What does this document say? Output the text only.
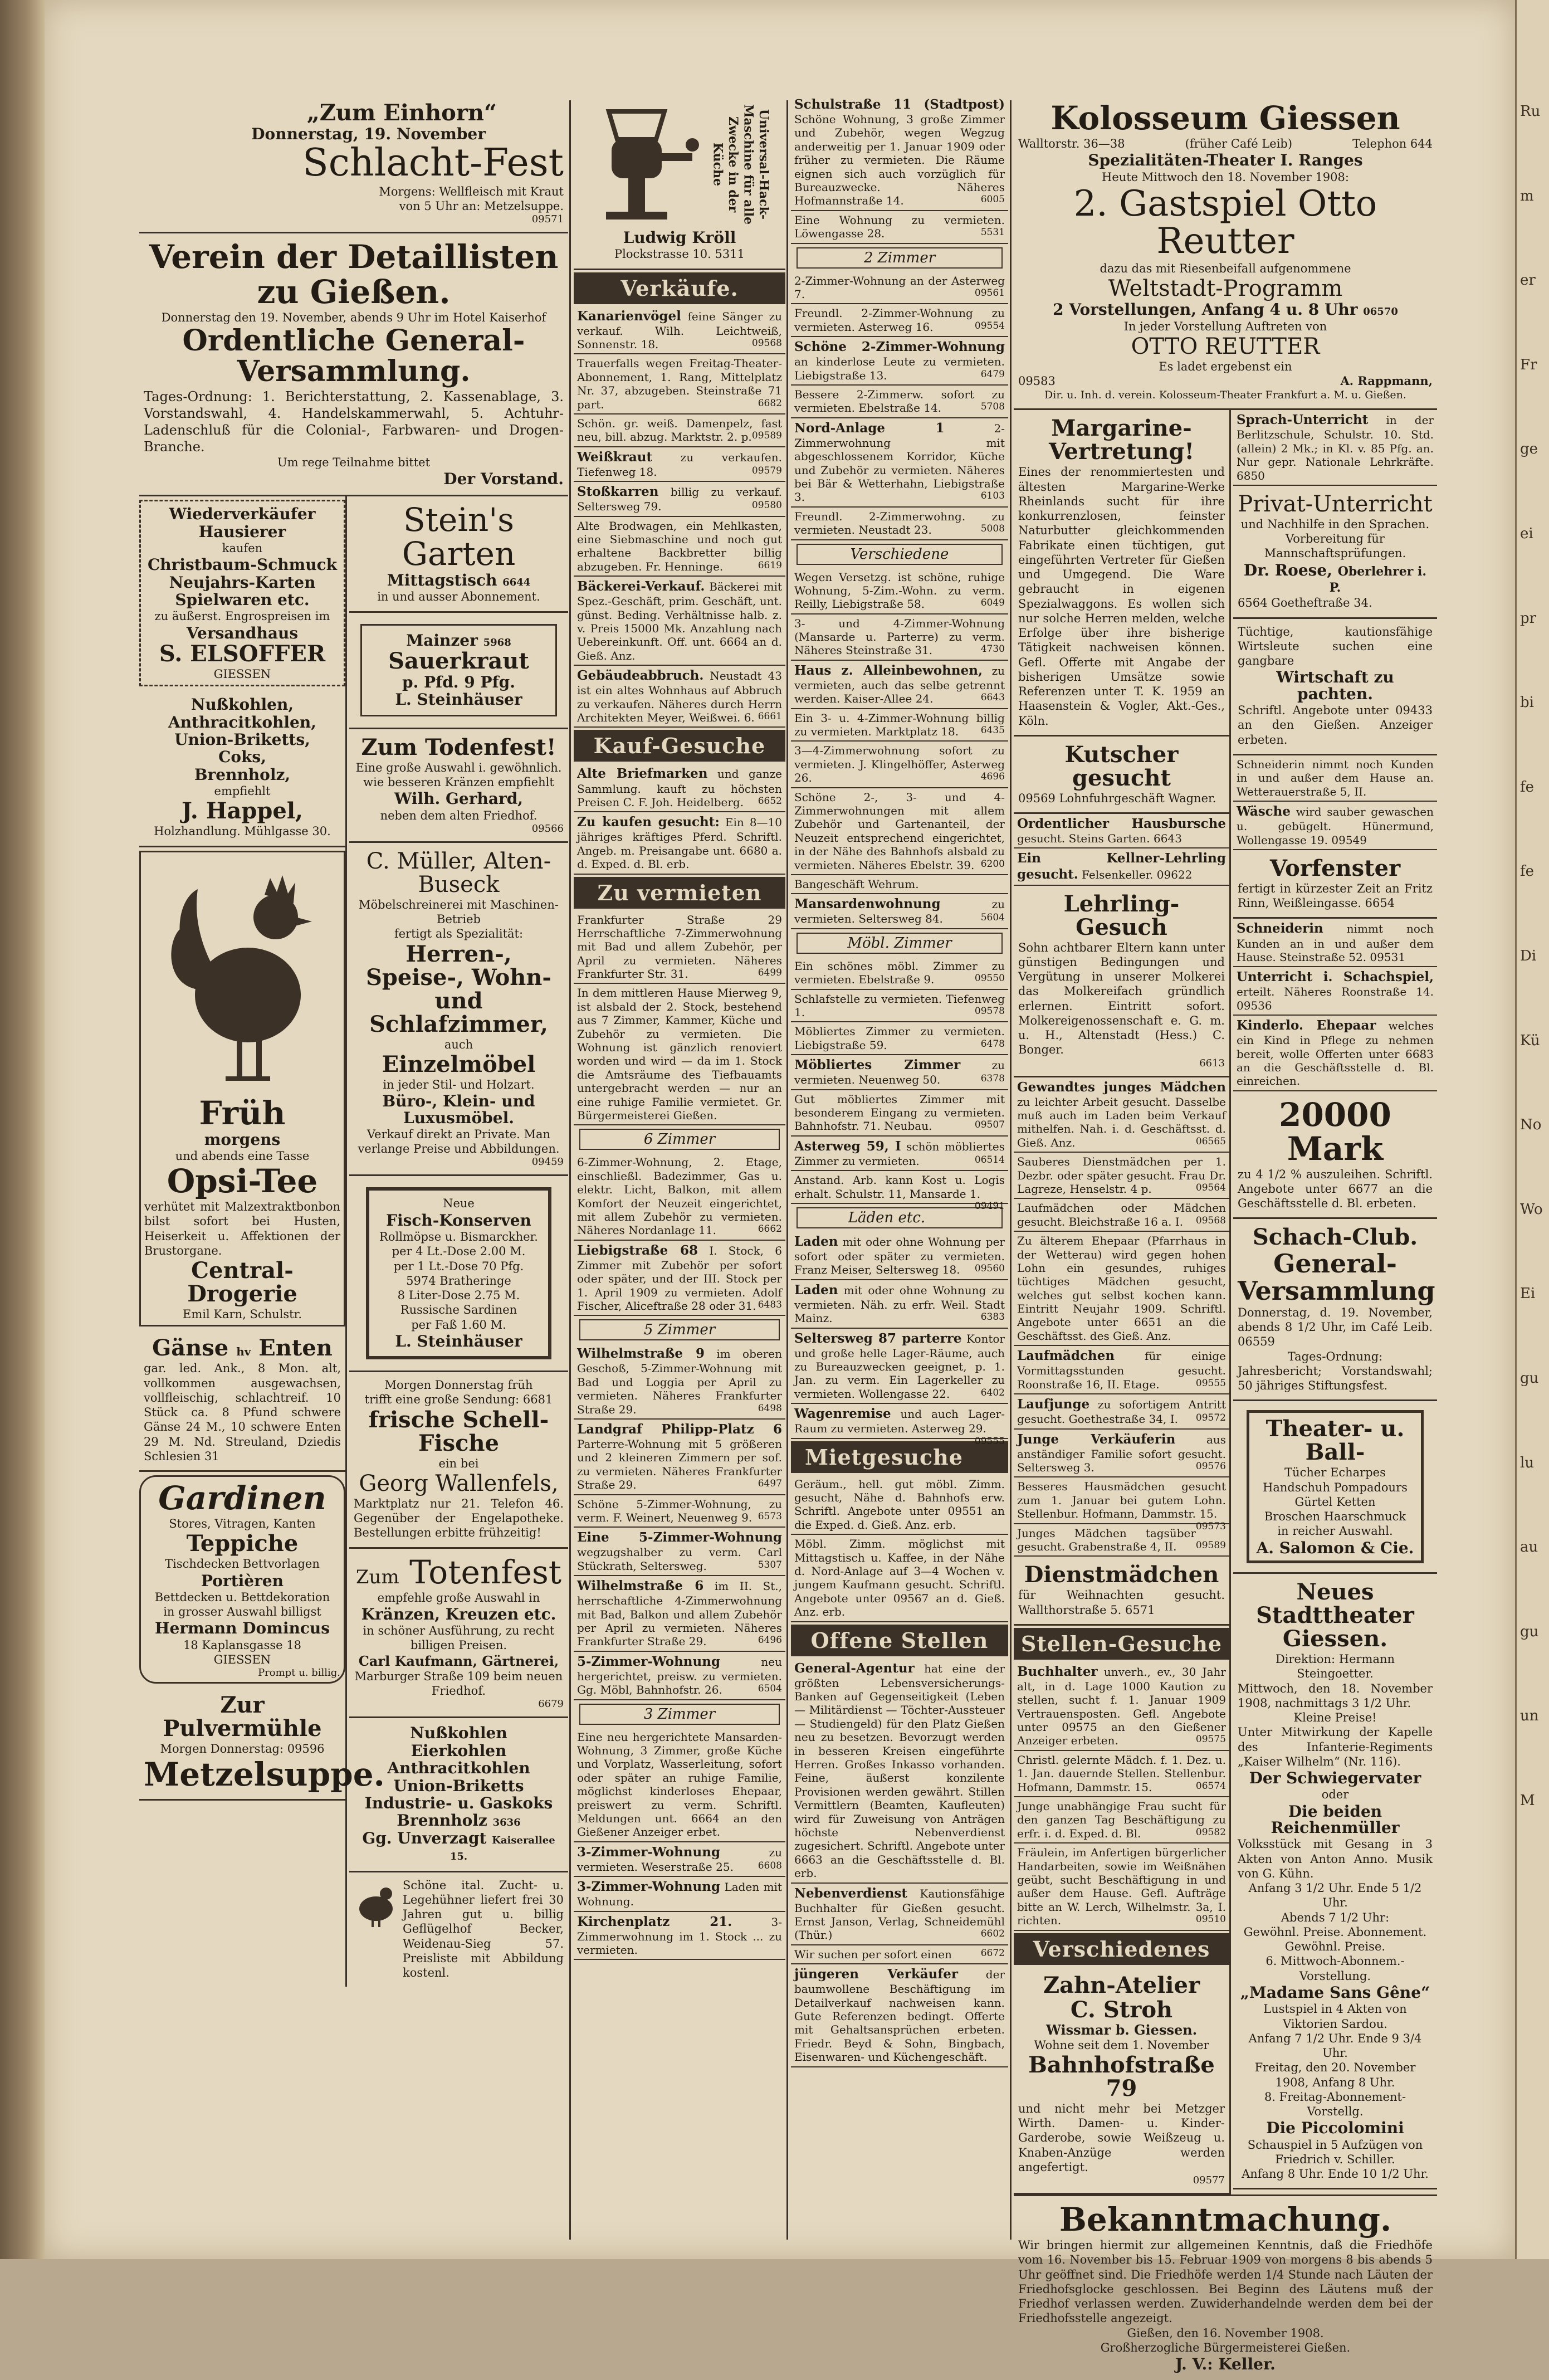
Ru
m
er
Fr
ge
ei
pr
bi
fe
fe
Di
Kü
No
Wo
Ei
gu
lu
au
gu
un
M
„Zum Einhorn“
Donnerstag, 19. November
Schlacht-Fest
Morgens: Wellfleisch mit Kraut
von 5 Uhr an: Metzelsuppe.
09571
Verein der Detaillisten
zu Gießen.
Donnerstag den 19. November, abends 9 Uhr im Hotel Kaiserhof
Ordentliche General-Versammlung.
Tages-Ordnung: 1. Berichterstattung, 2. Kassenablage, 3. Vorstandswahl, 4. Handelskammerwahl, 5. Achtuhr-Ladenschluß für die Colonial-, Farbwaren- und Drogen-Branche.
Um rege Teilnahme bittet
Der Vorstand.
Wiederverkäufer
Hausierer
kaufen
Christbaum-Schmuck
Neujahrs-Karten
Spielwaren etc.
zu äußerst. Engrospreisen im
Versandhaus
S. ELSOFFER
GIESSEN
Nußkohlen,
Anthracitkohlen,
Union-Briketts,
Coks,
Brennholz,
empfiehlt
J. Happel,
Holzhandlung. Mühlgasse 30.
Früh
morgens
und abends eine Tasse
Opsi-Tee
verhütet mit Malzextraktbonbon bilst sofort bei Husten, Heiserkeit u. Affektionen der Brustorgane.
Central-Drogerie
Emil Karn, Schulstr.
Gänse hv Enten
gar. led. Ank., 8 Mon. alt, vollkommen ausgewachsen, vollfleischig, schlachtreif. 10 Stück ca. 8 Pfund schwere Gänse 24 M., 10 schwere Enten 29 M. Nd. Streuland, Dziedis Schlesien 31
Gardinen
Stores, Vitragen, Kanten
Teppiche
Tischdecken Bettvorlagen
Portièren
Bettdecken u. Bettdekoration
in grosser Auswahl billigst
Hermann Domincus
18 Kaplansgasse 18
GIESSEN
Prompt u. billig.
Zur Pulvermühle
Morgen Donnerstag: 09596
Metzelsuppe.
Stein's Garten
Mittagstisch 6644
in und ausser Abonnement.
Mainzer 5968
Sauerkraut
p. Pfd. 9 Pfg.
L. Steinhäuser
Zum Todenfest!
Eine große Auswahl i. gewöhnlich. wie besseren Kränzen empfiehlt
Wilh. Gerhard,
neben dem alten Friedhof.
09566
C. Müller, Alten-Buseck
Möbelschreinerei mit Maschinen-Betrieb
fertigt als Spezialität:
Herren-, Speise-, Wohn- und Schlafzimmer,
auch
Einzelmöbel
in jeder Stil- und Holzart.
Büro-, Klein- und Luxusmöbel.
Verkauf direkt an Private. Man verlange Preise und Abbildungen.
09459
Neue
Fisch-Konserven
Rollmöpse u. Bismarckher.
per 4 Lt.-Dose 2.00 M.
per 1 Lt.-Dose 70 Pfg.
5974 Bratheringe
8 Liter-Dose 2.75 M.
Russische Sardinen
per Faß 1.60 M.
L. Steinhäuser
Morgen Donnerstag früh
trifft eine große Sendung: 6681
frische Schell-Fische
ein bei
Georg Wallenfels,
Marktplatz nur 21. Telefon 46. Gegenüber der Engelapotheke. Bestellungen erbitte frühzeitig!
Zum Totenfest
empfehle große Auswahl in
Kränzen, Kreuzen etc.
in schöner Ausführung, zu recht billigen Preisen.
Carl Kaufmann, Gärtnerei,
Marburger Straße 109 beim neuen Friedhof.
6679
Nußkohlen
Eierkohlen
Anthracitkohlen
Union-Briketts
Industrie- u. Gaskoks
Brennholz 3636
Gg. Unverzagt Kaiserallee 15.
Schöne ital. Zucht- u. Legehühner liefert frei 30 Jahren gut u. billig Geflügelhof Becker, Weidenau-Sieg 57. Preisliste mit Abbildung kostenl.
Universal-Hack-Maschine für alle Zwecke in der Küche
Ludwig Kröll
Plockstrasse 10. 5311
Verkäufe.
Kanarienvögel feine Sänger zu verkauf. Wilh. Leichtweiß, Sonnenstr. 18.	09568
Trauerfalls wegen Freitag-Theater-Abonnement, 1. Rang, Mittelplatz Nr. 37, abzugeben. Steinstraße 71 part.	6682
Schön. gr. weiß. Damenpelz, fast neu, bill. abzug. Marktstr. 2. p. 09589
Weißkraut	zu verkaufen. Tiefenweg 18.	09579
Stoßkarren billig zu verkauf. Seltersweg 79.	09580
Alte Brodwagen, ein Mehlkasten, eine Siebmaschine und noch gut erhaltene Backbretter billig abzugeben. Fr. Henninge.	6619
Bäckerei-Verkauf. Bäckerei mit Spez.-Geschäft, prim. Geschäft, unt. günst. Beding. Verhältnisse halb. z. v. Preis 15000 Mk. Anzahlung nach Uebereinkunft. Off. unt. 6664 an d. Gieß. Anz.
Gebäudeabbruch. Neustadt 43 ist ein altes Wohnhaus auf Abbruch zu verkaufen. Näheres durch Herrn Architekten Meyer, Weißwei. 6. 6661
Kauf-Gesuche
Alte Briefmarken und ganze Sammlung. kauft zu höchsten Preisen C. F. Joh. Heidelberg. 6652
Zu kaufen gesucht: Ein 8—10 jähriges kräftiges Pferd. Schriftl. Angeb. m. Preisangabe unt. 6680 a. d. Exped. d. Bl. erb.
Zu vermieten
Frankfurter Straße 29 Herrschaftliche 7-Zimmerwohnung mit Bad und allem Zubehör, per April zu vermieten. Näheres Frankfurter Str. 31.	6499
In dem mittleren Hause Mierweg 9, ist alsbald der 2. Stock, bestehend aus 7 Zimmer, Kammer, Küche und Zubehör zu vermieten. Die Wohnung ist gänzlich renoviert worden und wird — da im 1. Stock die Amtsräume des Tiefbauamts untergebracht werden — nur an eine ruhige Familie vermietet. Gr. Bürgermeisterei Gießen.
6 Zimmer
6-Zimmer-Wohnung, 2. Etage, einschließl. Badezimmer, Gas u. elektr. Licht, Balkon, mit allem Komfort der Neuzeit eingerichtet, mit allem Zubehör zu vermieten. Näheres Nordanlage 11.	6662
Liebigstraße 68 I. Stock, 6 Zimmer mit Zubehör per sofort oder später, und der III. Stock per 1. April 1909 zu vermieten. Adolf Fischer, Aliceftraße 28 oder 31. 6483
5 Zimmer
Wilhelmstraße 9 im oberen Geschoß, 5-Zimmer-Wohnung mit Bad und Loggia per April zu vermieten. Näheres Frankfurter Straße 29.	6498
Landgraf Philipp-Platz 6 Parterre-Wohnung mit 5 größeren und 2 kleineren Zimmern per sof. zu vermieten. Näheres Frankfurter Straße 29.	6497
Schöne 5-Zimmer-Wohnung, zu verm. F. Weinert, Neuenweg 9. 6573
Eine 5-Zimmer-Wohnung wegzugshalber zu verm. Carl Stückrath, Seltersweg.	5307
Wilhelmstraße 6 im II. St., herrschaftliche 4-Zimmerwohnung mit Bad, Balkon und allem Zubehör per April zu vermieten. Näheres Frankfurter Straße 29.	6496
5-Zimmer-Wohnung	neu hergerichtet, preisw. zu vermieten. Gg. Möbl, Bahnhofstr. 26.	6504
3 Zimmer
Eine neu hergerichtete Mansarden-Wohnung, 3 Zimmer, große Küche und Vorplatz, Wasserleitung, sofort oder später an ruhige Familie, möglichst kinderloses Ehepaar, preiswert zu verm. Schriftl. Meldungen unt. 6664 an den Gießener Anzeiger erbet.
3-Zimmer-Wohnung	zu vermieten. Weserstraße 25.	6608
3-Zimmer-Wohnung Laden mit Wohnung.
Kirchenplatz 21.	3-Zimmerwohnung im 1. Stock ... zu vermieten.
Schulstraße 11 (Stadtpost) Schöne Wohnung, 3 große Zimmer und Zubehör, wegen Wegzug anderweitig per 1. Januar 1909 oder früher zu vermieten. Die Räume eignen sich auch vorzüglich für Bureauzwecke. Näheres Hofmannstraße 14.	6005
Eine Wohnung zu vermieten. Löwengasse 28.	5531
2 Zimmer
2-Zimmer-Wohnung an der Asterweg 7.	09561
Freundl. 2-Zimmer-Wohnung zu vermieten. Asterweg 16.	09554
Schöne 2-Zimmer-Wohnung an kinderlose Leute zu vermieten. Liebigstraße 13.	6479
Bessere 2-Zimmerw. sofort zu vermieten. Ebelstraße 14.	5708
Nord-Anlage 1	2-Zimmerwohnung mit abgeschlossenem Korridor, Küche und Zubehör zu vermieten. Näheres bei Bär & Wetterhahn, Liebigstraße 3.	6103
Freundl. 2-Zimmerwohng. zu vermieten. Neustadt 23.	5008
Verschiedene
Wegen Versetzg. ist schöne, ruhige Wohnung, 5-Zim.-Wohn. zu verm. Reilly, Liebigstraße 58.	6049
3- und 4-Zimmer-Wohnung (Mansarde u. Parterre) zu verm. Näheres Steinstraße 31.	4730
Haus z. Alleinbewohnen, zu vermieten, auch das selbe getrennt werden. Kaiser-Allee 24.	6643
Ein 3- u. 4-Zimmer-Wohnung billig zu vermieten. Marktplatz 18. 6435
3—4-Zimmerwohnung sofort zu vermieten. J. Klingelhöffer, Asterweg 26.	4696
Schöne 2-, 3- und 4-Zimmerwohnungen mit allem Zubehör und Gartenanteil, der Neuzeit entsprechend eingerichtet, in der Nähe des Bahnhofs alsbald zu vermieten. Näheres Ebelstr. 39. 6200
Bangeschäft Wehrum.
Mansardenwohnung	zu vermieten. Seltersweg 84.	5604
Möbl. Zimmer
Ein schönes möbl. Zimmer zu vermieten. Ebelstraße 9.	09550
Schlafstelle zu vermieten. Tiefenweg 1.	09578
Möbliertes Zimmer zu vermieten. Liebigstraße 59.	6478
Möbliertes Zimmer	zu vermieten. Neuenweg 50.	6378
Gut möbliertes Zimmer mit besonderem Eingang zu vermieten. Bahnhofstr. 71. Neubau.	09507
Asterweg 59, I schön möbliertes Zimmer zu vermieten.	06514
Anstand. Arb. kann Kost u. Logis erhalt. Schulstr. 11, Mansarde 1.
09491
Läden etc.
Laden mit oder ohne Wohnung per sofort oder später zu vermieten. Franz Meiser, Seltersweg 18. 09560
Laden mit oder ohne Wohnung zu vermieten. Näh. zu erfr. Weil. Stadt Mainz.	6383
Seltersweg 87 parterre Kontor und große helle Lager-Räume, auch zu Bureauzwecken geeignet, p. 1. Jan. zu verm. Ein Lagerkeller zu vermieten. Wollengasse 22.	6402
Wagenremise und auch Lager-Raum zu vermieten. Asterweg 29.
09555
Mietgesuche
Geräum., hell. gut möbl. Zimm. gesucht, Nähe d. Bahnhofs erw. Schriftl. Angebote unter 09551 an die Exped. d. Gieß. Anz. erb.
Möbl. Zimm. möglichst mit Mittagstisch u. Kaffee, in der Nähe d. Nord-Anlage auf 3—4 Wochen v. jungem Kaufmann gesucht. Schriftl. Angebote unter 09567 an d. Gieß. Anz. erb.
Offene Stellen
General-Agentur hat eine der größten Lebensversicherungs-Banken auf Gegenseitigkeit (Leben — Militärdienst — Töchter-Aussteuer — Studiengeld) für den Platz Gießen neu zu besetzen. Bevorzugt werden in besseren Kreisen eingeführte Herren. Großes Inkasso vorhanden. Feine, äußerst konzilente Provisionen werden gewährt. Stillen Vermittlern (Beamten, Kaufleuten) wird für Zuweisung von Anträgen höchste Nebenverdienst zugesichert. Schriftl. Angebote unter 6663 an die Geschäftsstelle d. Bl. erb.
Nebenverdienst Kautionsfähige Buchhalter für Gießen gesucht. Ernst Janson, Verlag, Schneidemühl (Thür.)	6602
Wir suchen per sofort einen	6672
jüngeren Verkäufer der baumwollene Beschäftigung im Detailverkauf nachweisen kann. Gute Referenzen bedingt. Offerte mit Gehaltsansprüchen erbeten. Friedr. Beyd & Sohn, Bingbach, Eisenwaren- und Küchengeschäft.
Kolosseum Giessen
Walltorstr. 36—38	(früher Café Leib)	Telephon 644
Spezialitäten-Theater I. Ranges
Heute Mittwoch den 18. November 1908:
2. Gastspiel Otto Reutter
dazu das mit Riesenbeifall aufgenommene
Weltstadt-Programm
2 Vorstellungen, Anfang 4 u. 8 Uhr 06570
In jeder Vorstellung Auftreten von
OTTO REUTTER
Es ladet ergebenst ein
09583	A. Rappmann,
Dir. u. Inh. d. verein. Kolosseum-Theater Frankfurt a. M. u. Gießen.
Margarine-Vertretung!
Eines der renommiertesten und ältesten Margarine-Werke Rheinlands sucht für ihre konkurrenzlosen, feinster Naturbutter gleichkommenden Fabrikate einen tüchtigen, gut eingeführten Vertreter für Gießen und Umgegend. Die Ware gebraucht in eigenen Spezialwaggons. Es wollen sich nur solche Herren melden, welche Erfolge über ihre bisherige Tätigkeit nachweisen können. Gefl. Offerte mit Angabe der bisherigen Umsätze sowie Referenzen unter T. K. 1959 an Haasenstein & Vogler, Akt.-Ges., Köln.
Kutscher gesucht
09569 Lohnfuhrgeschäft Wagner.
Ordentlicher Hausbursche gesucht. Steins Garten. 6643
Ein Kellner-Lehrling gesucht. Felsenkeller. 09622
Lehrling-Gesuch
Sohn achtbarer Eltern kann unter günstigen Bedingungen und Vergütung in unserer Molkerei das Molkereifach gründlich erlernen. Eintritt sofort. Molkereigenossenschaft e. G. m. u. H., Altenstadt (Hess.) C. Bonger.
6613
Gewandtes junges Mädchen zu leichter Arbeit gesucht. Dasselbe muß auch im Laden beim Verkauf mithelfen. Nah. i. d. Geschäftsst. d. Gieß. Anz.	06565
Sauberes Dienstmädchen per 1. Dezbr. oder später gesucht. Frau Dr. Lagreze, Henselstr. 4 p.	09564
Laufmädchen oder Mädchen gesucht. Bleichstraße 16 a. I. 09568
Zu älterem Ehepaar (Pfarrhaus in der Wetterau) wird gegen hohen Lohn ein gesundes, ruhiges tüchtiges Mädchen gesucht, welches gut selbst kochen kann. Eintritt Neujahr 1909. Schriftl. Angebote unter 6651 an die Geschäftsst. des Gieß. Anz.
Laufmädchen	für einige Vormittagsstunden gesucht. Roonstraße 16, II. Etage.	09555
Laufjunge zu sofortigem Antritt gesucht. Goethestraße 34, I. 09572
Junge Verkäuferin	aus anständiger Familie sofort gesucht. Seltersweg 3.	09576
Besseres Hausmädchen gesucht zum 1. Januar bei gutem Lohn. Stellenbur. Hofmann, Dammstr. 15.
09573
Junges Mädchen tagsüber gesucht. Grabenstraße 4, II. 09589
Dienstmädchen
für Weihnachten gesucht. Wallthorstraße 5. 6571
Stellen-Gesuche
Buchhalter unverh., ev., 30 Jahr alt, in d. Lage 1000 Kaution zu stellen, sucht f. 1. Januar 1909 Vertrauensposten. Gefl. Angebote unter 09575 an den Gießener Anzeiger erbeten.	09575
Christl. gelernte Mädch. f. 1. Dez. u. 1. Jan. dauernde Stellen. Stellenbur. Hofmann, Dammstr. 15.	06574
Junge unabhängige Frau sucht für den ganzen Tag Beschäftigung zu erfr. i. d. Exped. d. Bl.	09582
Fräulein, im Anfertigen bürgerlicher Handarbeiten, sowie im Weißnähen geübt, sucht Beschäftigung in und außer dem Hause. Gefl. Aufträge bitte an W. Lerch, Wilhelmstr. 3a, I. richten.	09510
Verschiedenes
Zahn-Atelier
C. Stroh
Wissmar b. Giessen.
Wohne seit dem 1. November
Bahnhofstraße 79
und nicht mehr bei Metzger Wirth. Damen- u. Kinder-Garderobe, sowie Weißzeug u. Knaben-Anzüge werden angefertigt.
09577
Sprach-Unterricht in der Berlitzschule, Schulstr. 10. Std. (allein) 2 Mk.; in Kl. v. 85 Pfg. an. Nur gepr. Nationale Lehrkräfte. 6850
Privat-Unterricht
und Nachhilfe in den Sprachen. Vorbereitung für Mannschaftsprüfungen.
Dr. Roese, Oberlehrer i. P.
6564 Goetheftraße 34.
Tüchtige, kautionsfähige Wirtsleute suchen eine gangbare
Wirtschaft zu pachten.
Schriftl. Angebote unter 09433 an den Gießen. Anzeiger erbeten.
Schneiderin nimmt noch Kunden in und außer dem Hause an. Wetterauerstraße 5, II.
Wäsche wird sauber gewaschen u. gebügelt. Hünermund, Wollengasse 19. 09549
Vorfenster
fertigt in kürzester Zeit an Fritz Rinn, Weißleingasse. 6654
Schneiderin nimmt noch Kunden an in und außer dem Hause. Steinstraße 52. 09531
Unterricht i. Schachspiel, erteilt. Näheres Roonstraße 14. 09536
Kinderlo. Ehepaar welches ein Kind in Pflege zu nehmen bereit, wolle Offerten unter 6683 an die Geschäftsstelle d. Bl. einreichen.
20000 Mark
zu 4 1/2 % auszuleihen. Schriftl. Angebote unter 6677 an die Geschäftsstelle d. Bl. erbeten.
Schach-Club.
General-Versammlung
Donnerstag, d. 19. November, abends 8 1/2 Uhr, im Café Leib. 06559
Tages-Ordnung:
Jahresbericht; Vorstandswahl; 50 jähriges Stiftungsfest.
Theater- u. Ball-
Tücher Echarpes
Handschuh Pompadours
Gürtel Ketten
Broschen Haarschmuck
in reicher Auswahl.
A. Salomon & Cie.
Neues Stadttheater Giessen.
Direktion: Hermann Steingoetter.
Mittwoch, den 18. November 1908, nachmittags 3 1/2 Uhr.
Kleine Preise!
Unter Mitwirkung der Kapelle des Infanterie-Regiments „Kaiser Wilhelm“ (Nr. 116).
Der Schwiegervater
oder
Die beiden Reichenmüller
Volksstück mit Gesang in 3 Akten von Anton Anno. Musik von G. Kühn.
Anfang 3 1/2 Uhr. Ende 5 1/2 Uhr.
Abends 7 1/2 Uhr:
Gewöhnl. Preise. Abonnement. Gewöhnl. Preise.
6. Mittwoch-Abonnem.-Vorstellung.
„Madame Sans Gêne“
Lustspiel in 4 Akten von Viktorien Sardou.
Anfang 7 1/2 Uhr. Ende 9 3/4 Uhr.
Freitag, den 20. November 1908, Anfang 8 Uhr.
8. Freitag-Abonnement-Vorstellg.
Die Piccolomini
Schauspiel in 5 Aufzügen von Friedrich v. Schiller.
Anfang 8 Uhr. Ende 10 1/2 Uhr.
Bekanntmachung.
Wir bringen hiermit zur allgemeinen Kenntnis, daß die Friedhöfe vom 16. November bis 15. Februar 1909 von morgens 8 bis abends 5 Uhr geöffnet sind. Die Friedhöfe werden 1/4 Stunde nach Läuten der Friedhofsglocke geschlossen. Bei Beginn des Läutens muß der Friedhof verlassen werden. Zuwiderhandelnde werden dem bei der Friedhofsstelle angezeigt.
Gießen, den 16. November 1908.
Großherzogliche Bürgermeisterei Gießen.
J. V.: Keller.
